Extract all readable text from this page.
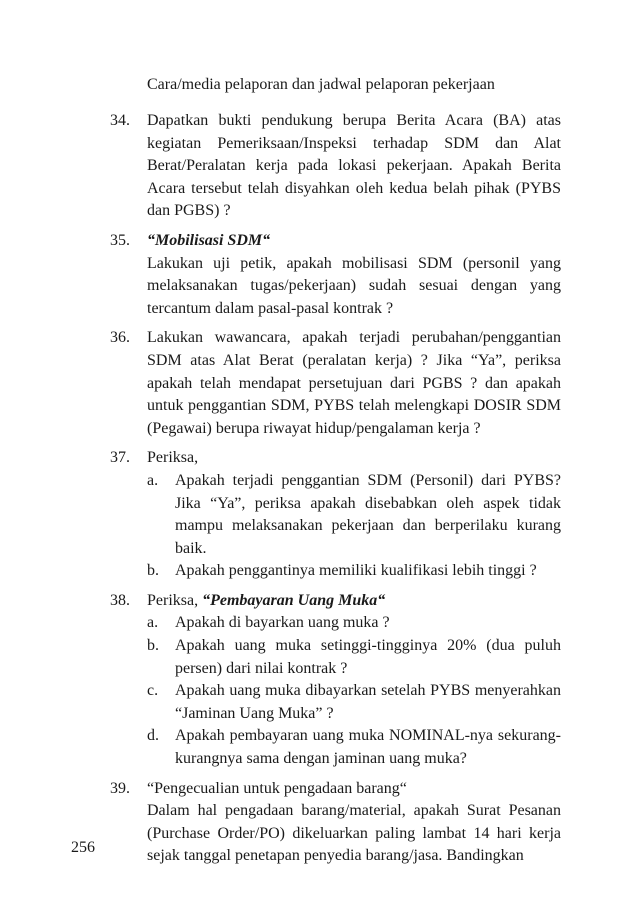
Cara/media pelaporan dan jadwal pelaporan pekerjaan
34. Dapatkan bukti pendukung berupa Berita Acara (BA) atas kegiatan Pemeriksaan/Inspeksi terhadap SDM dan Alat Berat/Peralatan kerja pada lokasi pekerjaan. Apakah Berita Acara tersebut telah disyahkan oleh kedua belah pihak (PYBS dan PGBS) ?
35. “Mobilisasi SDM“
Lakukan uji petik, apakah mobilisasi SDM (personil yang melaksanakan tugas/pekerjaan) sudah sesuai dengan yang tercantum dalam pasal-pasal kontrak ?
36. Lakukan wawancara, apakah terjadi perubahan/penggantian SDM atas Alat Berat (peralatan kerja) ? Jika “Ya”, periksa apakah telah mendapat persetujuan dari PGBS ? dan apakah untuk penggantian SDM, PYBS telah melengkapi DOSIR SDM (Pegawai) berupa riwayat hidup/pengalaman kerja ?
37. Periksa,
a. Apakah terjadi penggantian SDM (Personil) dari PYBS? Jika “Ya”, periksa apakah disebabkan oleh aspek tidak mampu melaksanakan pekerjaan dan berperilaku kurang baik.
b. Apakah penggantinya memiliki kualifikasi lebih tinggi ?
38. Periksa, “Pembayaran Uang Muka“
a. Apakah di bayarkan uang muka ?
b. Apakah uang muka setinggi-tingginya 20% (dua puluh persen) dari nilai kontrak ?
c. Apakah uang muka dibayarkan setelah PYBS menyerahkan “Jaminan Uang Muka” ?
d. Apakah pembayaran uang muka NOMINAL-nya sekurang-kurangnya sama dengan jaminan uang muka?
39. “Pengecualian untuk pengadaan barang“
Dalam hal pengadaan barang/material, apakah Surat Pesanan (Purchase Order/PO) dikeluarkan paling lambat 14 hari kerja sejak tanggal penetapan penyedia barang/jasa. Bandingkan
256
